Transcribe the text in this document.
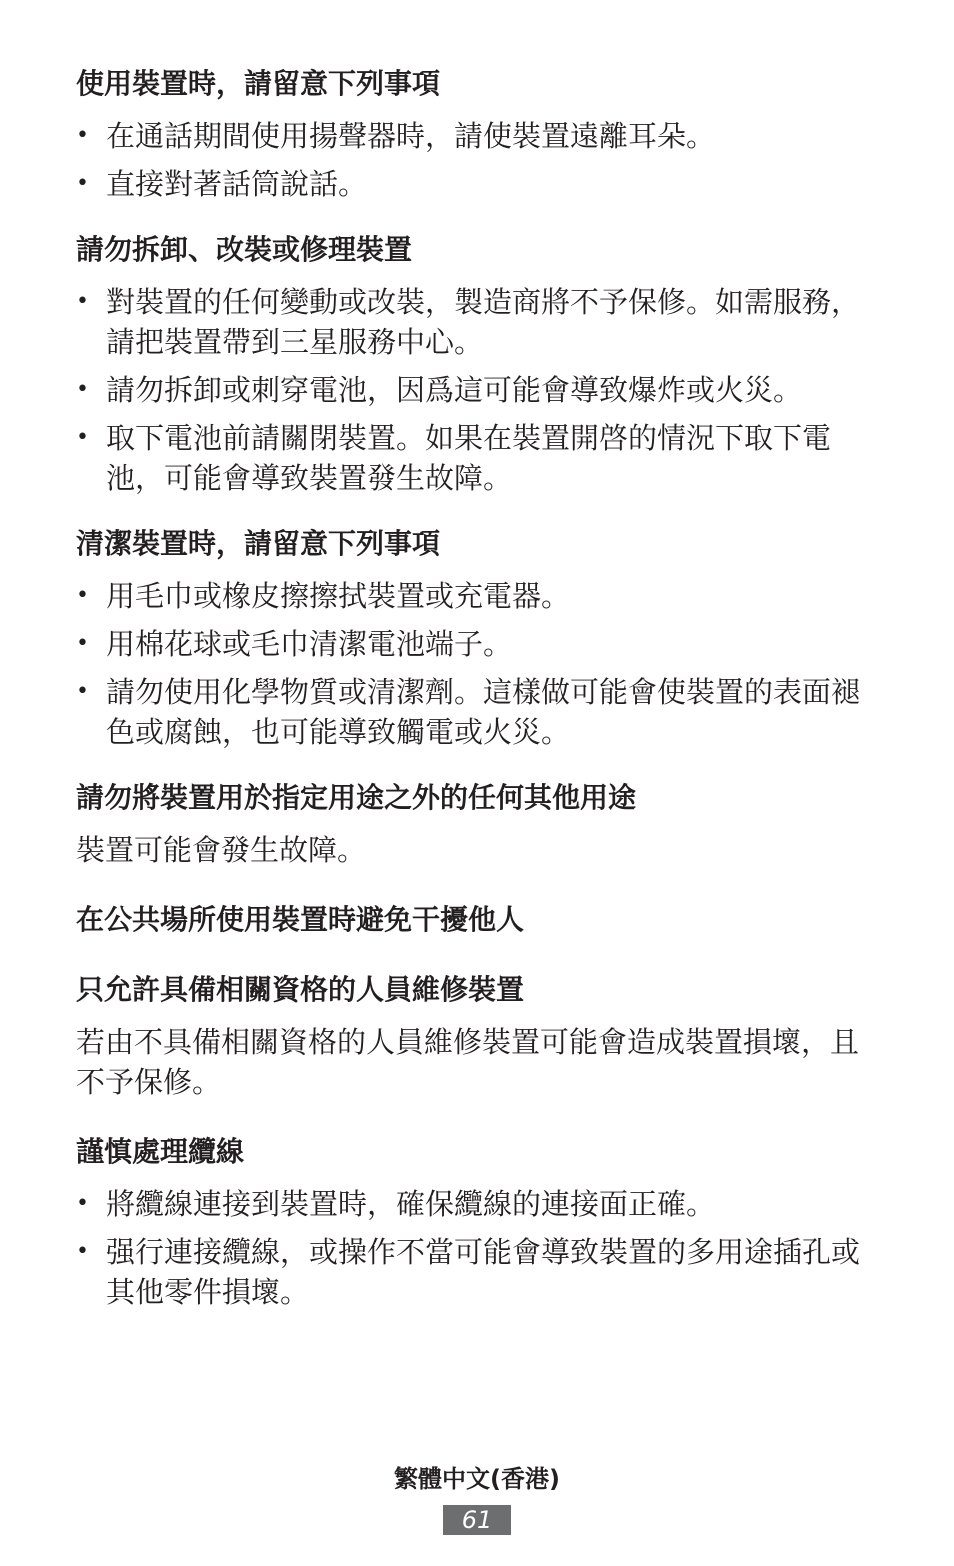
使用裝置時，請留意下列事項
• 在通話期間使用揚聲器時，請使裝置遠離耳朵。
• 直接對著話筒說話。
請勿拆卸、改裝或修理裝置
• 對裝置的任何變動或改裝，製造商將不予保修。如需服務，請把裝置帶到三星服務中心。
• 請勿拆卸或刺穿電池，因爲這可能會導致爆炸或火災。
• 取下電池前請關閉裝置。如果在裝置開啓的情況下取下電池，可能會導致裝置發生故障。
清潔裝置時，請留意下列事項
• 用毛巾或橡皮擦擦拭裝置或充電器。
• 用棉花球或毛巾清潔電池端子。
• 請勿使用化學物質或清潔劑。這樣做可能會使裝置的表面褪色或腐蝕，也可能導致觸電或火災。
請勿將裝置用於指定用途之外的任何其他用途

裝置可能會發生故障。

在公共場所使用裝置時避免干擾他人
只允許具備相關資格的人員維修裝置

若由不具備相關資格的人員維修裝置可能會造成裝置損壞，且不予保修。

謹慎處理纜線
• 將纜線連接到裝置時，確保纜線的連接面正確。
• 强行連接纜線，或操作不當可能會導致裝置的多用途插孔或其他零件損壞。
繁體中文(香港)
61
